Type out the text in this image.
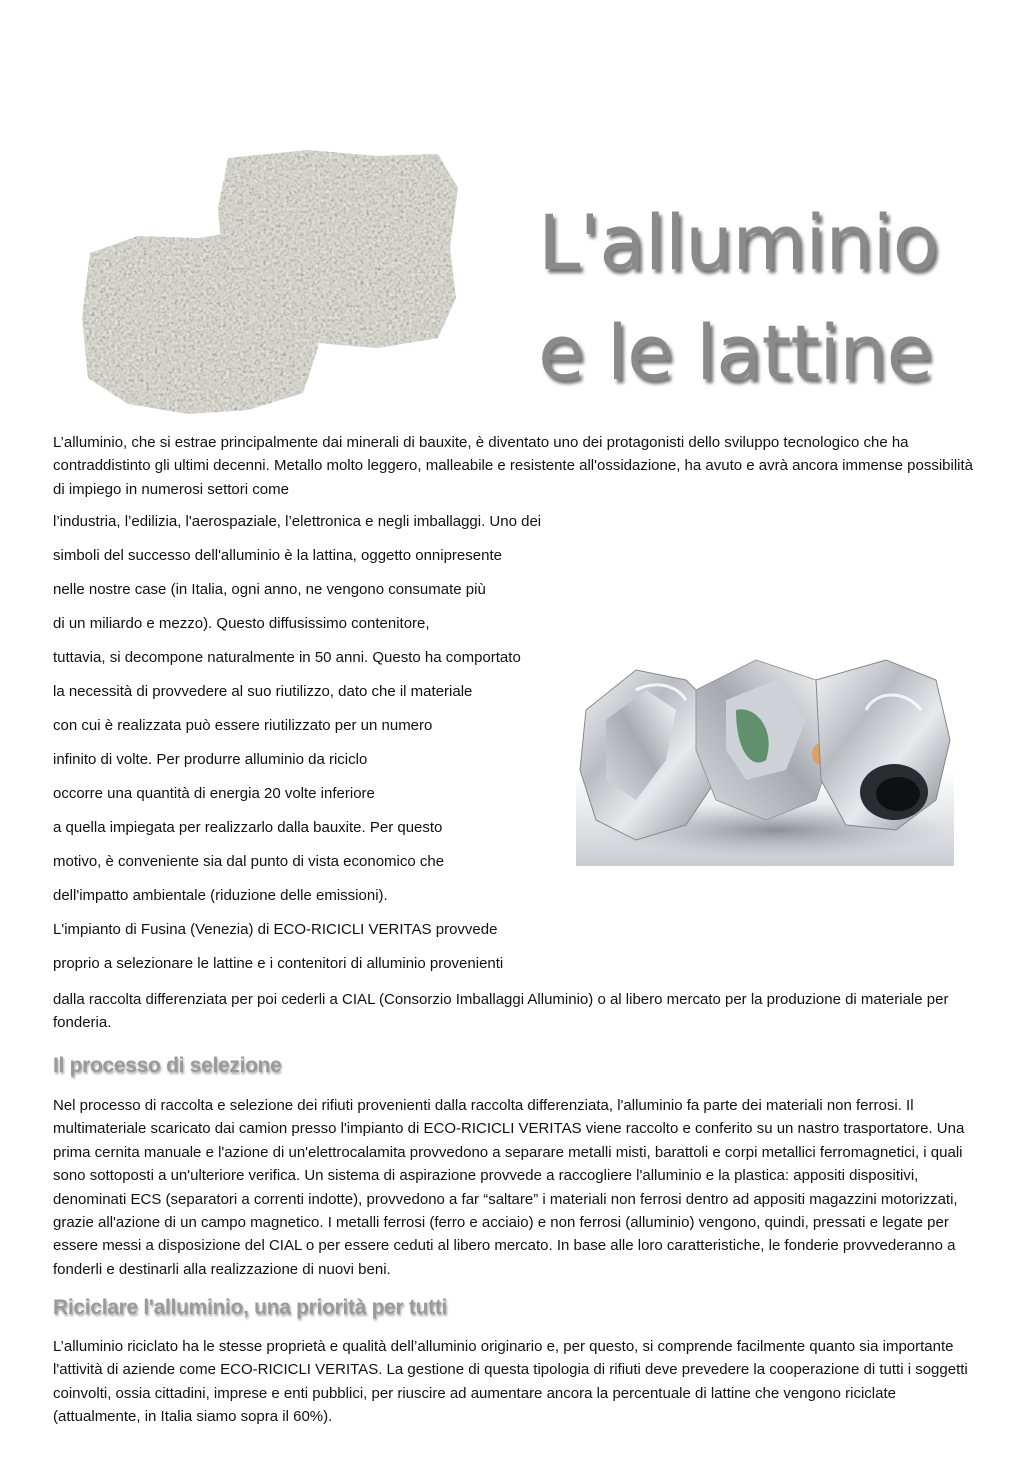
L'alluminio
e le lattine

L’alluminio, che si estrae principalmente dai minerali di bauxite, è diventato uno dei protagonisti dello sviluppo tecnologico che ha contraddistinto gli ultimi decenni. Metallo molto leggero, malleabile e resistente all'ossidazione, ha avuto e avrà ancora immense possibilità di impiego in numerosi settori come

l’industria, l’edilizia, l'aerospaziale, l’elettronica e negli imballaggi. Uno dei

simboli del successo dell'alluminio è la lattina, oggetto onnipresente

nelle nostre case (in Italia, ogni anno, ne vengono consumate più

di un miliardo e mezzo). Questo diffusissimo contenitore,

tuttavia, si decompone naturalmente in 50 anni. Questo ha comportato

la necessità di provvedere al suo riutilizzo, dato che il materiale

con cui è realizzata può essere riutilizzato per un numero

infinito di volte. Per produrre alluminio da riciclo

occorre una quantità di energia 20 volte inferiore

a quella impiegata per realizzarlo dalla bauxite. Per questo

motivo, è conveniente sia dal punto di vista economico che

dell'impatto ambientale (riduzione delle emissioni).

L'impianto di Fusina (Venezia) di ECO-RICICLI VERITAS provvede

proprio a selezionare le lattine e i contenitori di alluminio provenienti

dalla raccolta differenziata per poi cederli a CIAL (Consorzio Imballaggi Alluminio) o al libero mercato per la produzione di materiale per fonderia.

Il processo di selezione

Nel processo di raccolta e selezione dei rifiuti provenienti dalla raccolta differenziata, l'alluminio fa parte dei materiali non ferrosi. Il multimateriale scaricato dai camion presso l'impianto di ECO-RICICLI VERITAS viene raccolto e conferito su un nastro trasportatore. Una prima cernita manuale e l'azione di un'elettrocalamita provvedono a separare metalli misti, barattoli e corpi metallici ferromagnetici, i quali sono sottoposti a un'ulteriore verifica. Un sistema di aspirazione provvede a raccogliere l'alluminio e la plastica: appositi dispositivi, denominati ECS (separatori a correnti indotte), provvedono a far “saltare” i materiali non ferrosi dentro ad appositi magazzini motorizzati, grazie all'azione di un campo magnetico. I metalli ferrosi (ferro e acciaio) e non ferrosi (alluminio) vengono, quindi, pressati e legate per essere messi a disposizione del CIAL o per essere ceduti al libero mercato. In base alle loro caratteristiche, le fonderie provvederanno a fonderli e destinarli alla realizzazione di nuovi beni.

Riciclare l'alluminio, una priorità per tutti

L’alluminio riciclato ha le stesse proprietà e qualità dell’alluminio originario e, per questo, si comprende facilmente quanto sia importante l'attività di aziende come ECO-RICICLI VERITAS. La gestione di questa tipologia di rifiuti deve prevedere la cooperazione di tutti i soggetti coinvolti, ossia cittadini, imprese e enti pubblici, per riuscire ad aumentare ancora la percentuale di lattine che vengono riciclate (attualmente, in Italia siamo sopra il 60%).
